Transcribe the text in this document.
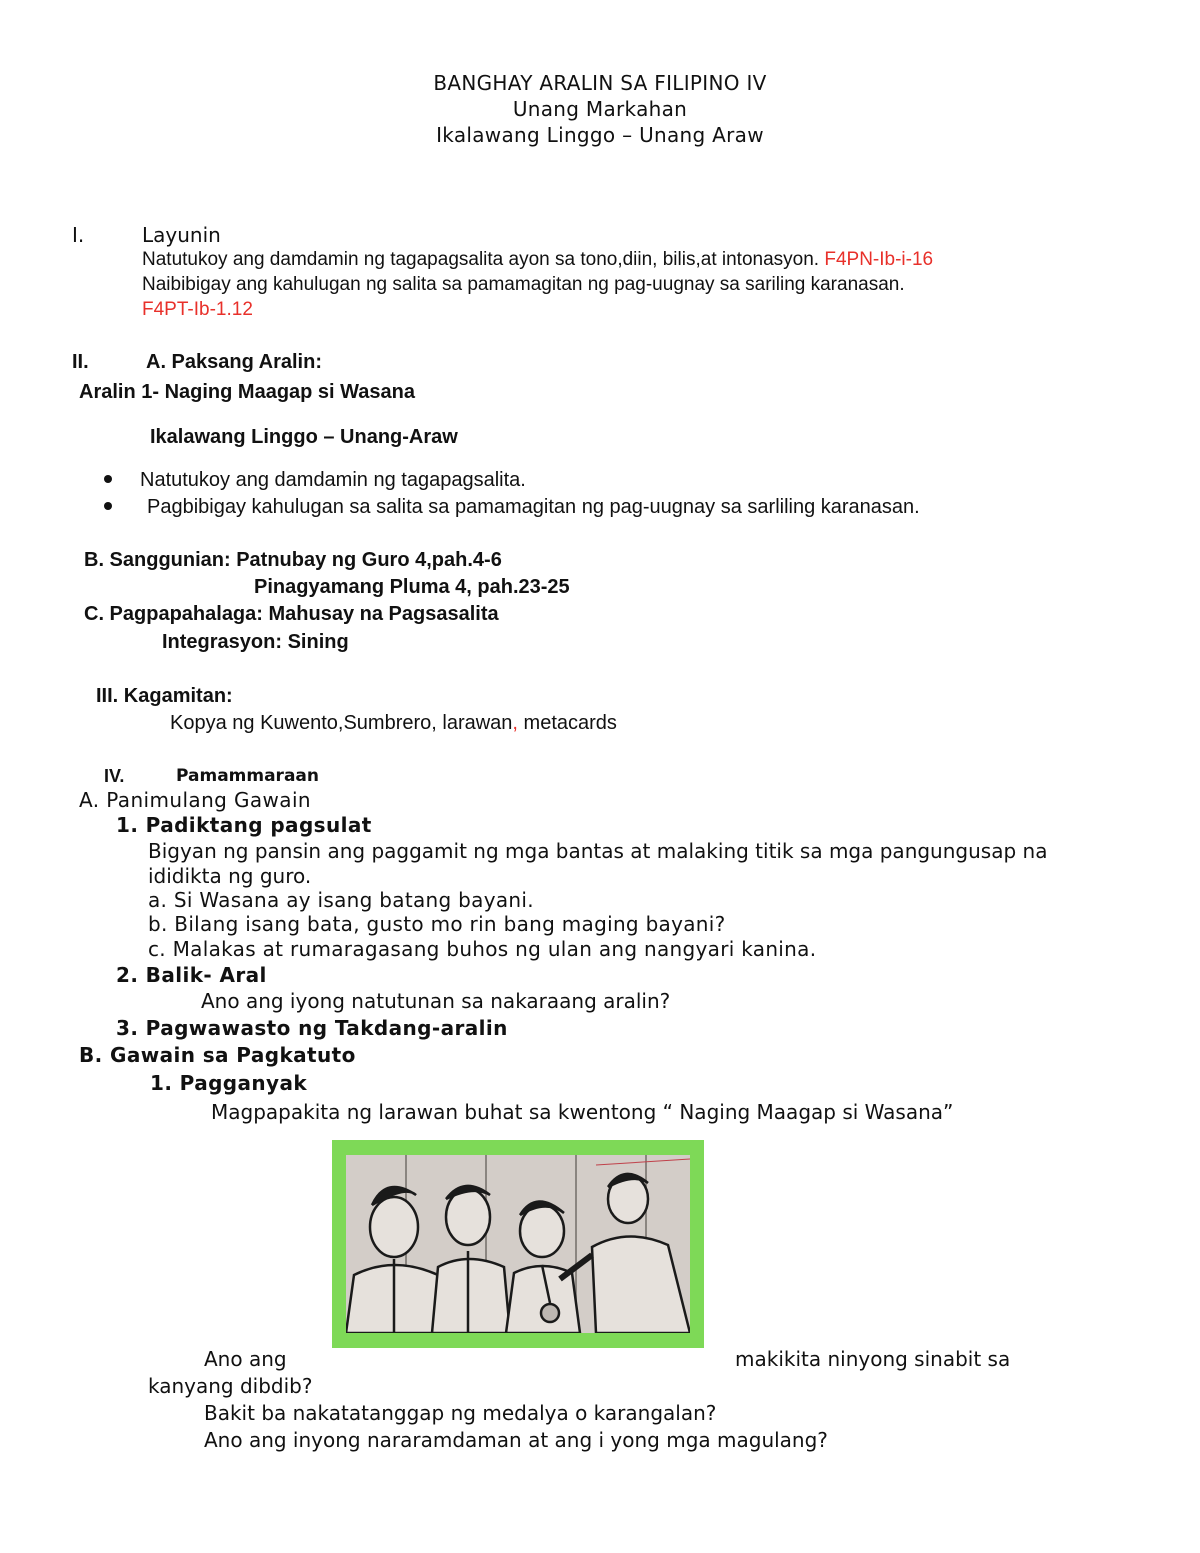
BANGHAY ARALIN SA FILIPINO IV
Unang Markahan
Ikalawang Linggo – Unang Araw
I.	Layunin
Natutukoy ang damdamin ng tagapagsalita ayon sa tono,diin, bilis,at intonasyon. F4PN-Ib-i-16
Naibibigay ang kahulugan ng salita sa pamamagitan ng pag-uugnay sa sariling karanasan.
F4PT-Ib-1.12
II.	A. Paksang Aralin:
Aralin 1- Naging Maagap si Wasana
Ikalawang Linggo – Unang-Araw
Natutukoy ang damdamin ng tagapagsalita.
Pagbibigay kahulugan sa salita sa pamamagitan ng pag-uugnay sa sarliling karanasan.
B. Sanggunian: Patnubay ng Guro 4,pah.4-6
Pinagyamang Pluma 4, pah.23-25
C. Pagpapahalaga: Mahusay na Pagsasalita
Integrasyon: Sining
III. Kagamitan:
Kopya ng Kuwento,Sumbrero, larawan, metacards
IV.	Pamammaraan
A. Panimulang Gawain
1. Padiktang pagsulat
Bigyan ng pansin ang paggamit ng mga bantas at malaking titik sa mga pangungusap na
ididikta ng guro.
a. Si Wasana ay isang batang bayani.
b. Bilang isang bata, gusto mo rin bang maging bayani?
c. Malakas at rumaragasang buhos ng ulan ang nangyari kanina.
2. Balik- Aral
Ano ang iyong natutunan sa nakaraang aralin?
3. Pagwawasto ng Takdang-aralin
B. Gawain sa Pagkatuto
1. Pagganyak
Magpapakita ng larawan buhat sa kwentong “ Naging Maagap si Wasana”
Ano ang	makikita ninyong sinabit sa
kanyang dibdib?
Bakit ba nakatatanggap ng medalya o karangalan?
Ano ang inyong nararamdaman at ang i yong mga magulang?
